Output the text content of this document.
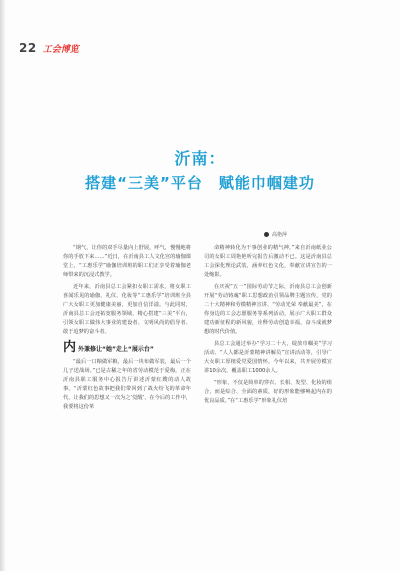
22 工会博览
沂南：
搭建“三美”平台 赋能巾帼建功
高艳萍

“钢气，让你的双手尽量向上舒展，呼气，慢慢地将你的手放下来……”近日，在沂南县工人文化宫的瑜伽课堂上，“工惠乐学”瑜伽培训班的职工们正享受着瑜伽老师带来的沉浸式教学。

近年来，沂南县总工会紧扣女职工需求，将女职工喜闻乐见的瑜伽、礼仪、化妆等“工惠乐学”培训班全县广大女职工更加健康美丽，更加自信洋溢。与此同时，沂南县总工会还拓宽服务领域，精心搭建“三美”平台，引领女职工做伟大事业的建设者、文明风尚的倡导者、敢于追梦的奋斗者。

内 外兼修让“她”走上“展示台”

“最后一口粮做军粮，最后一块布做军装，最后一个儿子送战场。”已是古稀之年的省劳动模范于爱梅，正在沂南县职工服务中心报告厅讲述沂蒙红嫂的动人故事。“沂蒙红色故事把我们带回到了战火纷飞的革命年代，让我们的思想又一次为之‘觉醒’，在今后的工作中，我要将这份革

命精神转化为干事创业的精气神。”来自沂南纸业公司的女职工周艳艳听完报告后激动不已。这是沂南县总工会深化理论武装，涵养红色文化，奉献宣讲宣告的一处缩影。

在庆祝“五一”国际劳动节之际，沂南县总工会创新开展“劳动铸魂”职工思想政治引领品牌主题宣传，党的二十大精神和劳模精神宣讲、“劳动光荣 奉献最美”，在你身边的工会志愿服务等系列活动，展示广大职工群众建功新征程的新风貌，诠释劳动创造幸福，奋斗成就梦想的时代价值。

县总工会通过举办“学习二十大，绽放巾帼美”学习活动、“人人都是沂蒙精神讲解员”宣讲活动等，引导广大女职工厚植爱党爱国情怀。今年以来，共开展劳模宣讲10余次，覆盖职工1000余人。

“形象，不仅是简单的穿衣、长相、发型、化妆的组合，而是综合、全面的素质，好的形象能够唤起内在的优良品质。”在“工惠乐学”形象礼仪培
